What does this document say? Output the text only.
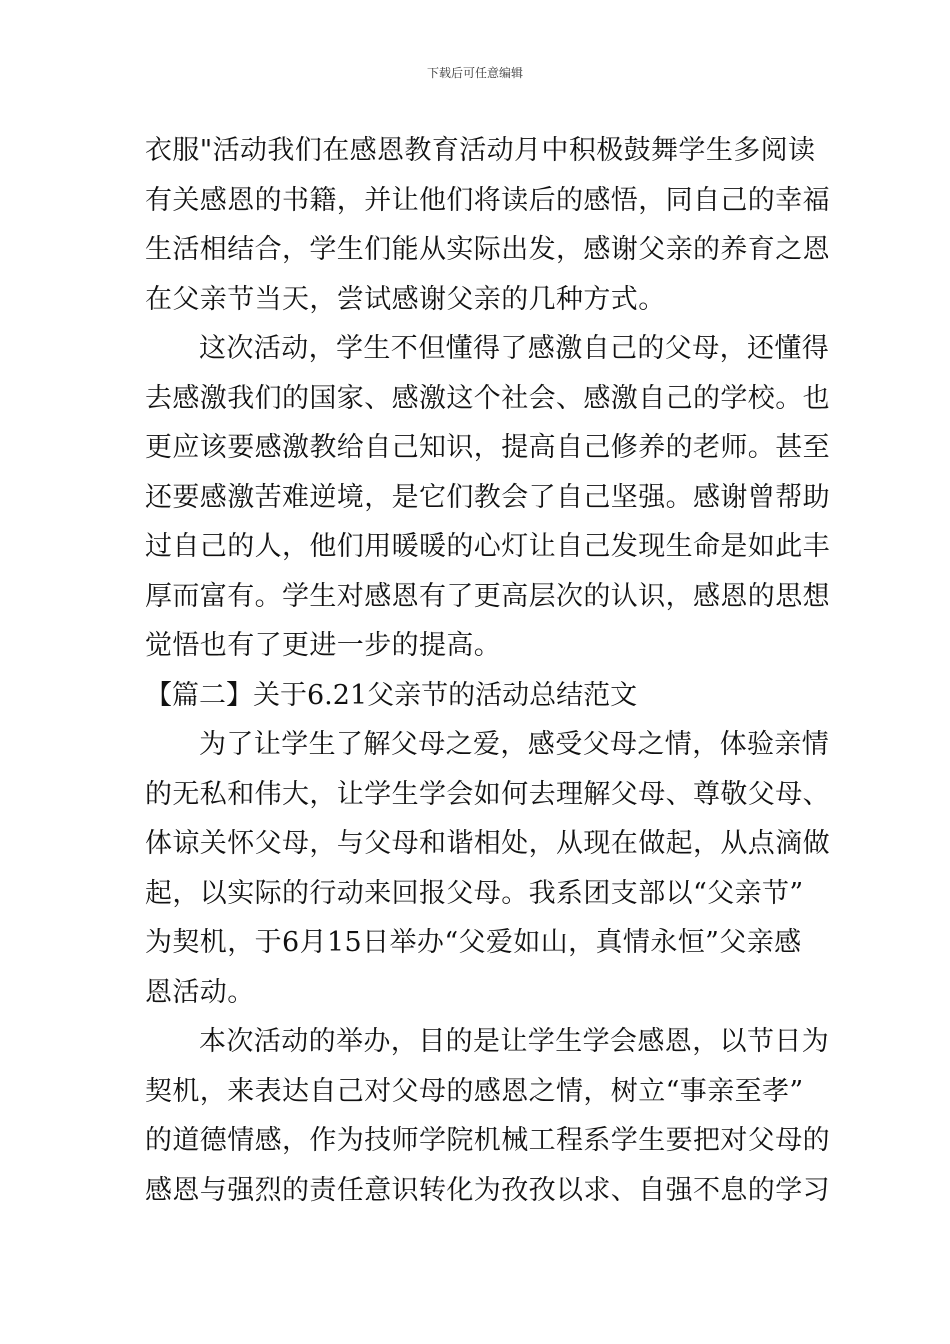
下载后可任意编辑
衣服"活动我们在感恩教育活动月中积极鼓舞学生多阅读
有关感恩的书籍，并让他们将读后的感悟，同自己的幸福
生活相结合，学生们能从实际出发，感谢父亲的养育之恩
在父亲节当天，尝试感谢父亲的几种方式。
这次活动，学生不但懂得了感激自己的父母，还懂得
去感激我们的国家、感激这个社会、感激自己的学校。也
更应该要感激教给自己知识，提高自己修养的老师。甚至
还要感激苦难逆境，是它们教会了自己坚强。感谢曾帮助
过自己的人，他们用暖暖的心灯让自己发现生命是如此丰
厚而富有。学生对感恩有了更高层次的认识，感恩的思想
觉悟也有了更进一步的提高。
【篇二】关于6.21父亲节的活动总结范文
为了让学生了解父母之爱，感受父母之情，体验亲情
的无私和伟大，让学生学会如何去理解父母、尊敬父母、
体谅关怀父母，与父母和谐相处，从现在做起，从点滴做
起，以实际的行动来回报父母。我系团支部以“父亲节”
为契机，于6月15日举办“父爱如山，真情永恒”父亲感
恩活动。
本次活动的举办，目的是让学生学会感恩，以节日为
契机，来表达自己对父母的感恩之情，树立“事亲至孝”
的道德情感，作为技师学院机械工程系学生要把对父母的
感恩与强烈的责任意识转化为孜孜以求、自强不息的学习
